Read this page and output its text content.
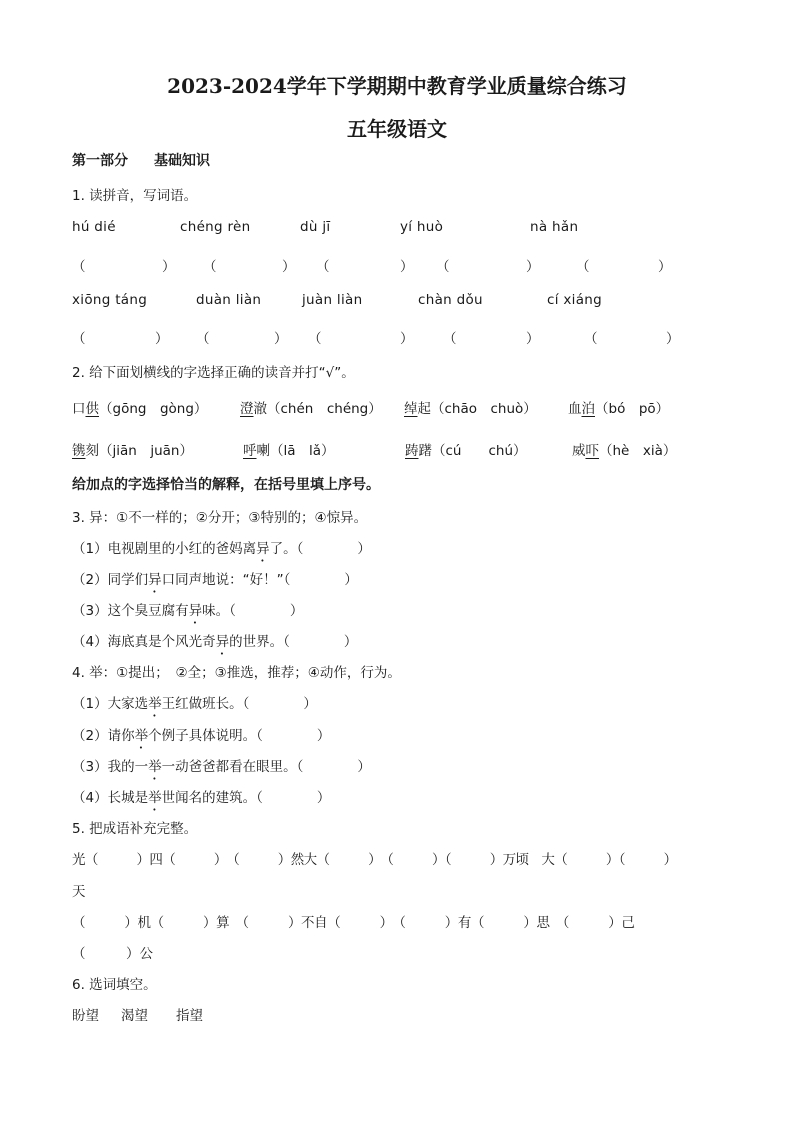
2023-2024学年下学期期中教育学业质量综合练习
五年级语文
第一部分 基础知识
1. 读拼音，写词语。
hú dié	chéng rèn	dù jī	yí huò	nà hǎn
（	） （	） （	） （	）	（	）
xiōng táng	duàn liàn	juàn liàn	chàn dǒu	cí xiáng
（	） （	） （	） （	）	（	）
2. 给下面划横线的字选择正确的读音并打“√”。
口供（gōng　gòng） 澄澈（chén　chéng） 绰起（chāo　chuò） 血泊（bó　pō）
镌刻（jiān　juān）	呼喇（lā　lǎ）	踌躇（cú　　chú）	威吓（hè　xià）
给加点的字选择恰当的解释，在括号里填上序号。
3. 异：①不一样的；②分开；③特别的；④惊异。
（1）电视剧里的小红的爸妈离异了。（　　　　）
（2）同学们异口同声地说：“好！”（　　　　）
（3）这个臭豆腐有异味。（　　　　）
（4）海底真是个风光奇异的世界。（　　　　）
4. 举：①提出；　②全；③推选，推荐；④动作，行为。
（1）大家选举王红做班长。（　　　　）
（2）请你举个例子具体说明。（　　　　）
（3）我的一举一动爸爸都看在眼里。（　　　　）
（4）长城是举世闻名的建筑。（　　　　）
5. 把成语补充完整。
光（　　　）四（　　　）　（　　　）然大（　　　）　（　　　）（　　　）万顷　大（　　　）（　　　）
天
（　　　）机（　　　）算　（　　　）不自（　　　）　（　　　）有（　　　）思　（　　　）己
（　　　）公
6. 选词填空。
盼望 渴望 指望
